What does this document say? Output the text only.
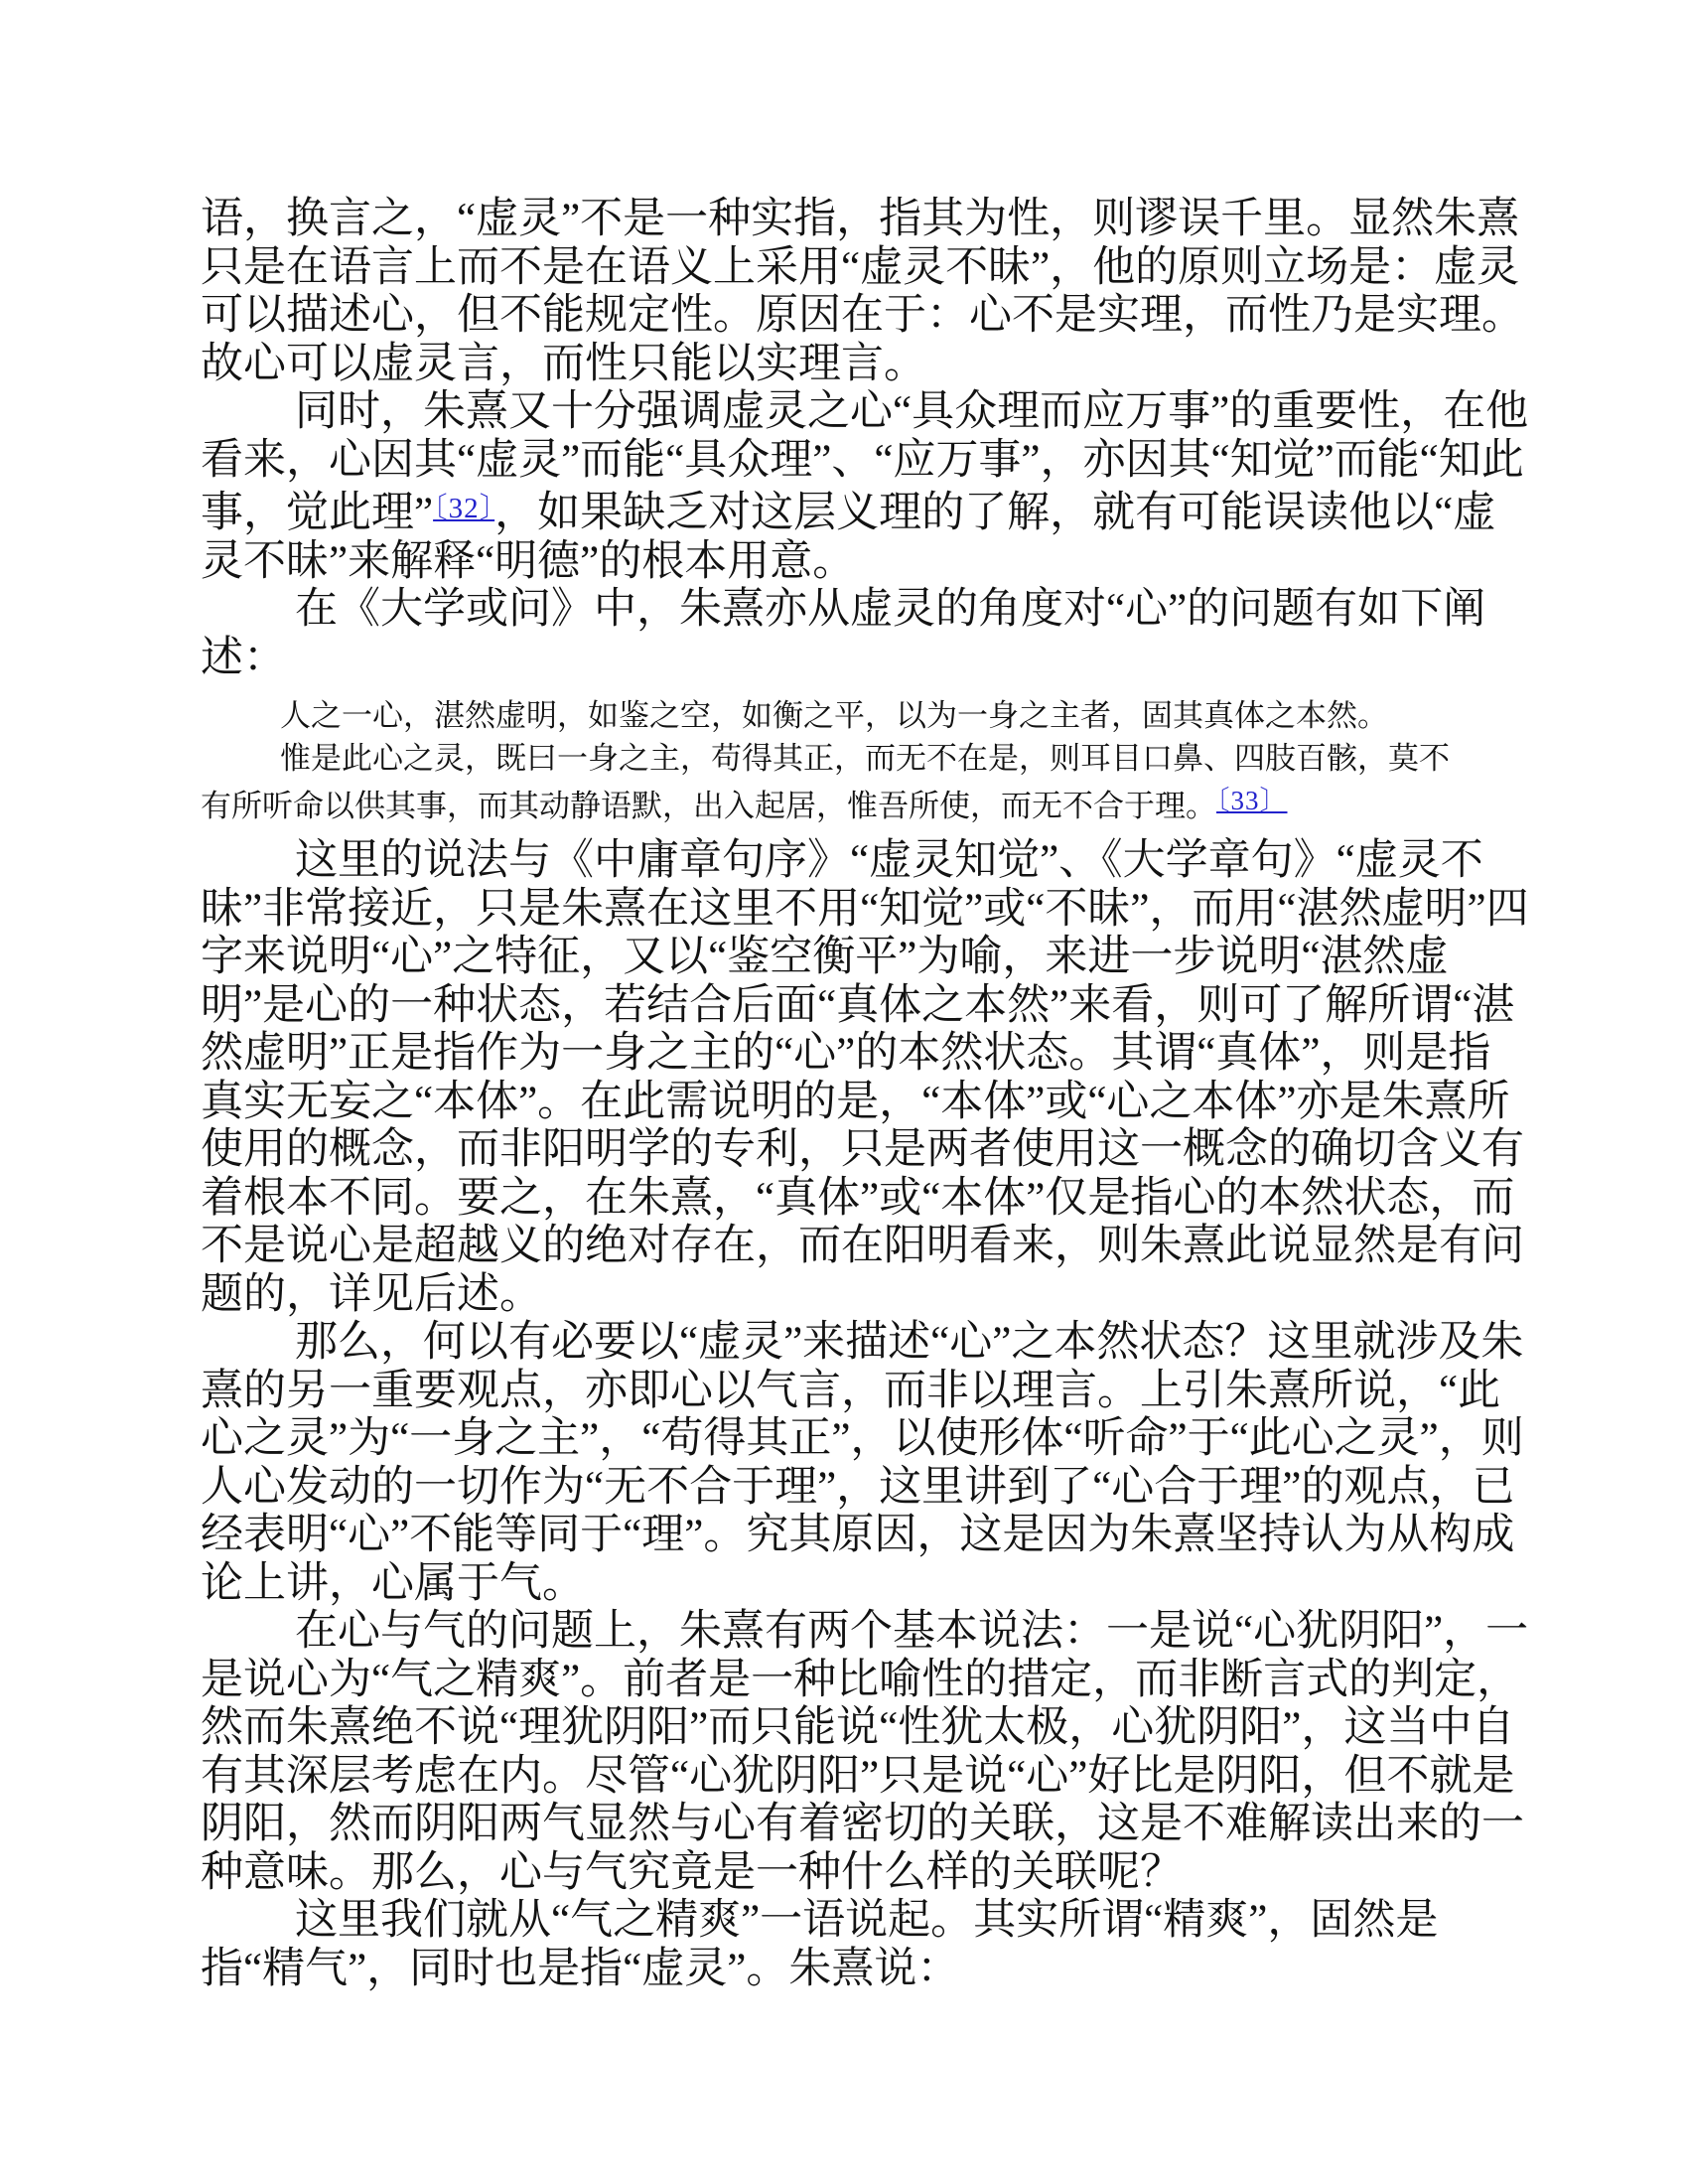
语，换言之，“虚灵”不是一种实指，指其为性，则谬误千里。显然朱熹
只是在语言上而不是在语义上采用“虚灵不昧”，他的原则立场是：虚灵
可以描述心，但不能规定性。原因在于：心不是实理，而性乃是实理。
故心可以虚灵言，而性只能以实理言。
同时，朱熹又十分强调虚灵之心“具众理而应万事”的重要性，在他
看来，心因其“虚灵”而能“具众理”、“应万事”，亦因其“知觉”而能“知此
事，觉此理”$^{〔32〕}$，如果缺乏对这层义理的了解，就有可能误读他以“虚
灵不昧”来解释“明德”的根本用意。
在《大学或问》中，朱熹亦从虚灵的角度对“心”的问题有如下阐
述：
人之一心，湛然虚明，如鉴之空，如衡之平，以为一身之主者，固其真体之本然。
惟是此心之灵，既曰一身之主，苟得其正，而无不在是，则耳目口鼻、四肢百骸，莫不
有所听命以供其事，而其动静语默，出入起居，惟吾所使，而无不合于理。〔33〕
这里的说法与《中庸章句序》“虚灵知觉”、《大学章句》“虚灵不
昧”非常接近，只是朱熹在这里不用“知觉”或“不昧”，而用“湛然虚明”四
字来说明“心”之特征，又以“鉴空衡平”为喻，来进一步说明“湛然虚
明”是心的一种状态，若结合后面“真体之本然”来看，则可了解所谓“湛
然虚明”正是指作为一身之主的“心”的本然状态。其谓“真体”，则是指
真实无妄之“本体”。在此需说明的是，“本体”或“心之本体”亦是朱熹所
使用的概念，而非阳明学的专利，只是两者使用这一概念的确切含义有
着根本不同。要之，在朱熹，“真体”或“本体”仅是指心的本然状态，而
不是说心是超越义的绝对存在，而在阳明看来，则朱熹此说显然是有问
题的，详见后述。
那么，何以有必要以“虚灵”来描述“心”之本然状态？这里就涉及朱
熹的另一重要观点，亦即心以气言，而非以理言。上引朱熹所说，“此
心之灵”为“一身之主”，“苟得其正”，以使形体“听命”于“此心之灵”，则
人心发动的一切作为“无不合于理”，这里讲到了“心合于理”的观点，已
经表明“心”不能等同于“理”。究其原因，这是因为朱熹坚持认为从构成
论上讲，心属于气。
在心与气的问题上，朱熹有两个基本说法：一是说“心犹阴阳”，一
是说心为“气之精爽”。前者是一种比喻性的措定，而非断言式的判定，
然而朱熹绝不说“理犹阴阳”而只能说“性犹太极，心犹阴阳”，这当中自
有其深层考虑在内。尽管“心犹阴阳”只是说“心”好比是阴阳，但不就是
阴阳，然而阴阳两气显然与心有着密切的关联，这是不难解读出来的一
种意味。那么，心与气究竟是一种什么样的关联呢？
这里我们就从“气之精爽”一语说起。其实所谓“精爽”，固然是
指“精气”，同时也是指“虚灵”。朱熹说：
